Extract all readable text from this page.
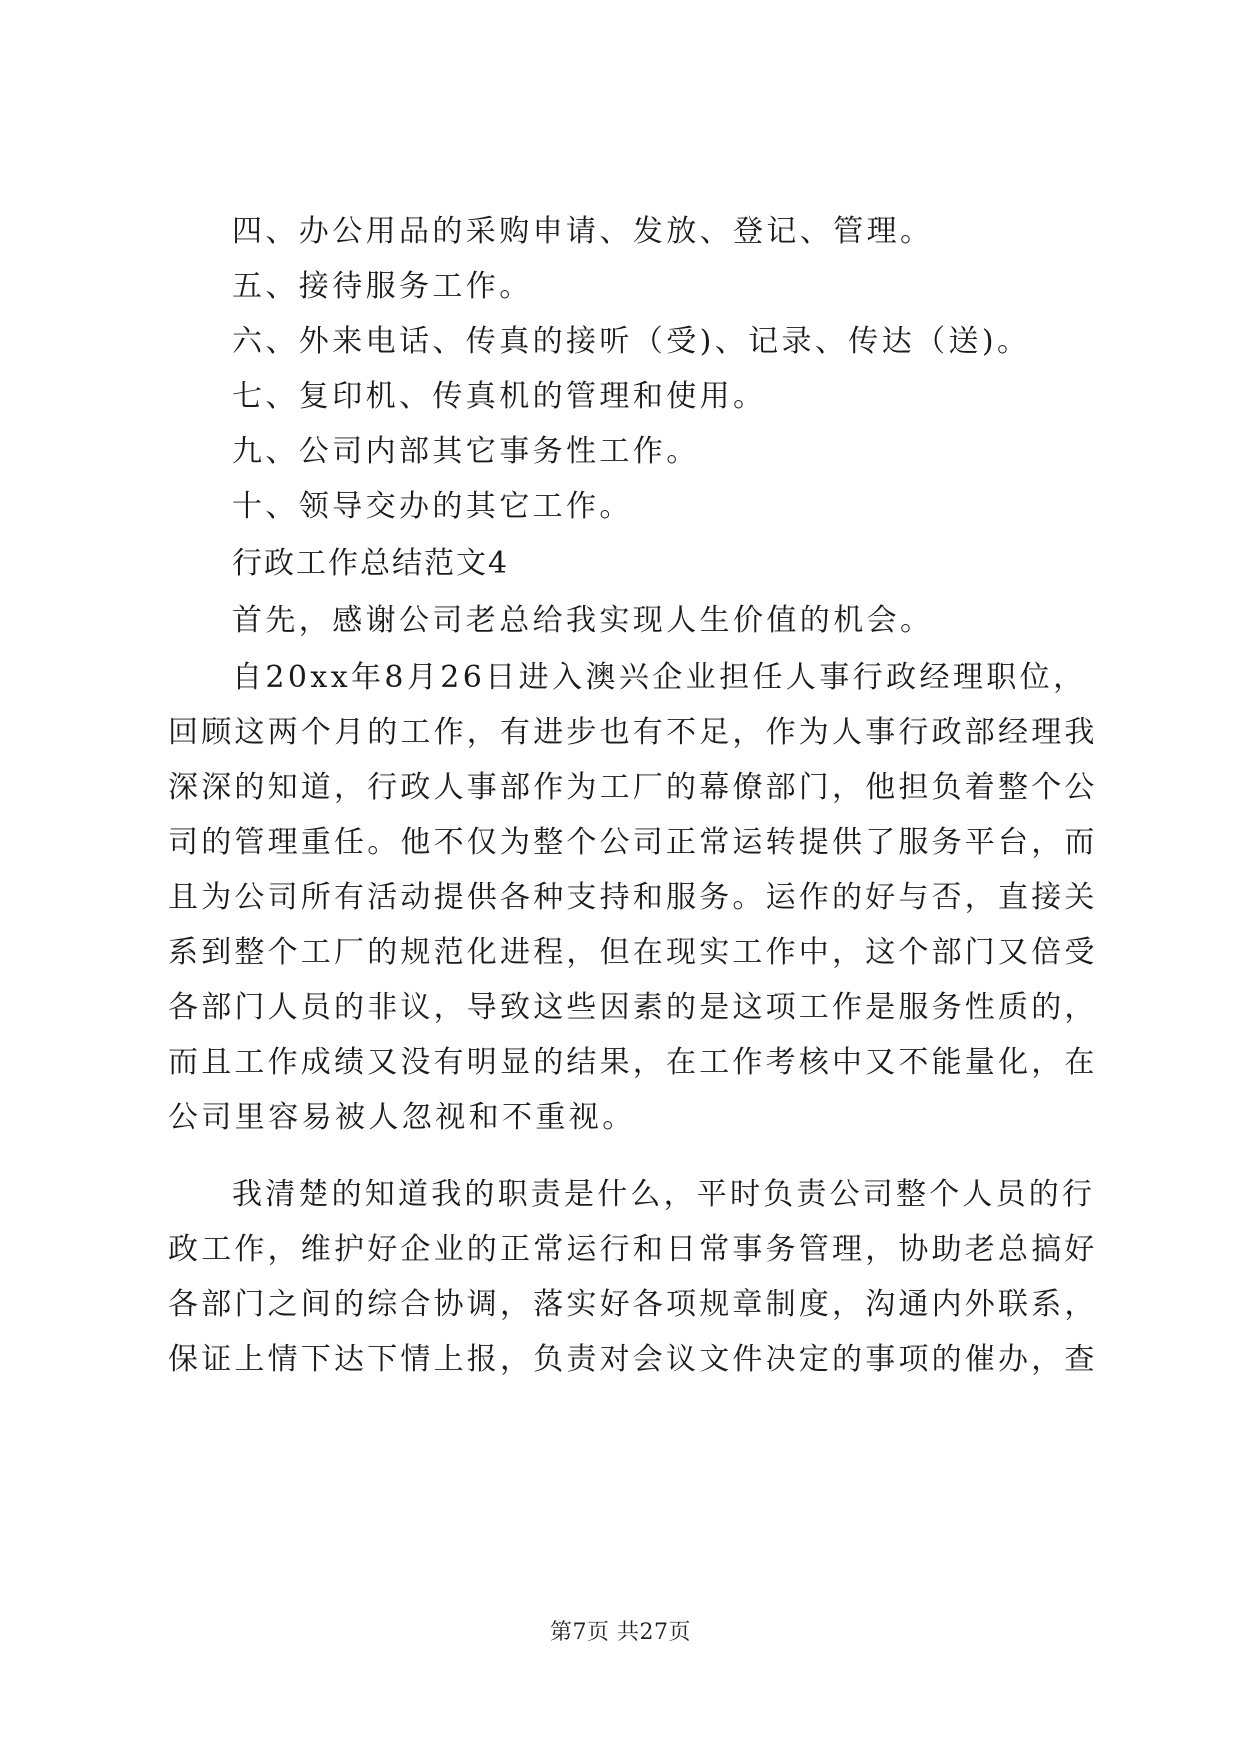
四、办公用品的采购申请、发放、登记、管理。
五、接待服务工作。
六、外来电话、传真的接听（受)、记录、传达（送)。
七、复印机、传真机的管理和使用。
九、公司内部其它事务性工作。
十、领导交办的其它工作。
行政工作总结范文4
首先，感谢公司老总给我实现人生价值的机会。
自20xx年8月26日进入澳兴企业担任人事行政经理职位，
回顾这两个月的工作，有进步也有不足，作为人事行政部经理我
深深的知道，行政人事部作为工厂的幕僚部门，他担负着整个公
司的管理重任。他不仅为整个公司正常运转提供了服务平台，而
且为公司所有活动提供各种支持和服务。运作的好与否，直接关
系到整个工厂的规范化进程，但在现实工作中，这个部门又倍受
各部门人员的非议，导致这些因素的是这项工作是服务性质的，
而且工作成绩又没有明显的结果，在工作考核中又不能量化，在
公司里容易被人忽视和不重视。
我清楚的知道我的职责是什么，平时负责公司整个人员的行
政工作，维护好企业的正常运行和日常事务管理，协助老总搞好
各部门之间的综合协调，落实好各项规章制度，沟通内外联系，
保证上情下达下情上报，负责对会议文件决定的事项的催办，查
第7页 共27页
